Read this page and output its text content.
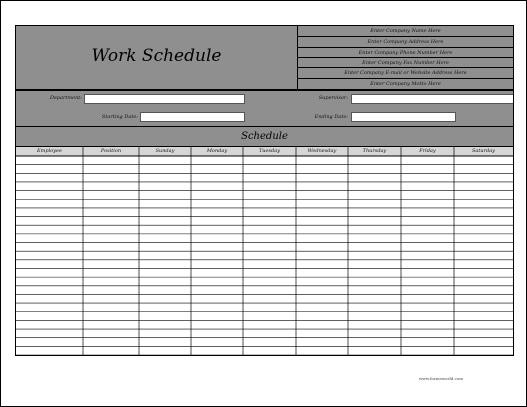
Work Schedule
Enter Company Name Here
Enter Company Address Here
Enter Company Phone Number Here
Enter Company Fax Number Here
Enter Company E-mail or Website Address Here
Enter Company Motto Here
Department:	Supervisor:
Starting Date:	Ending Date:
Schedule
Employee	Position	Sunday	Monday	Tuesday	Wednesday	Thursday	Friday	Saturday
www.formsworld.com
